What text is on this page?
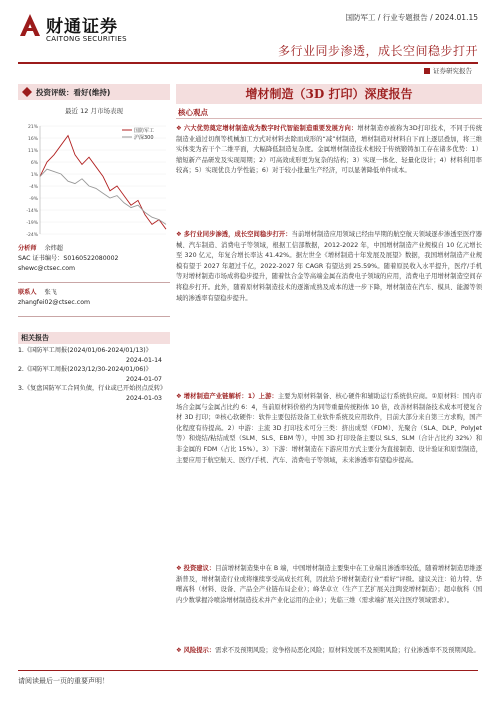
财通证券
CAITONG SECURITIES
国防军工 / 行业专题报告 / 2024.01.15
多行业同步渗透，成长空间稳步打开
证券研究报告
投资评级：看好(维持)
最近 12 月市场表现
21%
16%
11%
6%
1%
-4%
-9%
-14%
-19%
-24%
国防军工
沪深300
分析师 余炜超
SAC 证书编号：S0160522080002
shewc@ctsec.com
联系人 张飞
zhangfei02@ctsec.com
相关报告
1.《国防军工周报(2024/01/06-2024/01/13)》
2024-01-14
2.《国防军工周报(2023/12/30-2024/01/06)》
2024-01-07
3.《复盘国防军工合同负债，行业或已开始拐点反转》
2024-01-03
增材制造（3D 打印）深度报告
核心观点
❖ 六大优势奠定增材制造成为数字时代智能制造重要发展方向：增材制造亦被称为3D打印技术，不同于传统制造业通过切削等机械加工方式对材料去除而成形的“减”材制造，增材制造对材料自下而上逐层叠加，将三维实体变为若干个二维平面，大幅降低制造复杂度。金属增材制造技术相较于传统锻铸加工存在诸多优势：1）缩短新产品研发及实现周期；2）可高效成形更为复杂的结构；3）实现一体化、轻量化设计；4）材料利用率较高；5）实现优良力学性能；6）对于较小批量生产经济，可以显著降低单件成本。
❖ 多行业同步渗透，成长空间稳步打开：当前增材制造应用领域已经由早期的航空航天领域逐步渗透至医疗器械、汽车制造、消费电子等领域，根据工信部数据，2012-2022 年，中国增材制造产业规模自 10 亿元增长至 320 亿元，年复合增长率达 41.42%。据左世全《增材制造十年发展及展望》数据，我国增材制造产业规模有望于 2027 年超过千亿，2022-2027 年 CAGR 有望达到 25.59%。随着原民收入水平提升，医疗/手机等对增材制造市场成将稳步提升，随着钛合金等高端金属在消费电子领域的应用，消费电子用增材制造空间存将稳步打开。此外，随着原材料制造技术的逐渐成熟及成本的进一步下降，增材制造在汽车、模具、能源等领域的渗透率有望稳步提升。
❖ 增材制造产业链解析：1）上游：主要为原材料制备、核心硬件和辅助运行系统供应商。①原材料：国内市场合金属与金属占比约 6：4，当前原材料价格约为同等重量传统粉体 10 倍，改善材料制备技术成本可使复合材 3D 打印；②核心软硬件：软件主要包括设备工业软件系统及应用软件，目前大部分来自第三方求购，国产化程度有待提高。2）中游：主流 3D 打印技术可分三类：挤出成型（FDM）、光聚合（SLA、DLP、PolyJet 等）和烧结/粘结成型（SLM、SLS、EBM 等），中国 3D 打印设备主要以 SLS、SLM（合计占比约 32%）和非金属的 FDM（占比 15%）。3）下游：增材制造在下游应用方式主要分为直接制造、设计验证和原型制造，主要应用于航空航天、医疗/手机、汽车、消费电子等领域，未来渗透率有望稳步提高。
❖ 投资建议：目前增材制造集中在 B 端，中国增材制造主要集中在工业端且渗透率较低，随着增材制造思维逐渐普及，增材制造行业或将继续享受高成长红利，因此给予增材制造行业“看好”评级。建议关注：铂力特、华曙高科（材料、设备、产品全产业链布局企业）；峰华卓立（生产工艺扩展关注陶瓷增材制造）；超卓航科（国内少数掌握冷喷涂增材制造技术并产业化运用的企业）；先临三维（需求端扩展关注医疗领域需求）。
❖ 风险提示：需求不及预期风险；竞争格局恶化风险；原材料发展不及预期风险；行业渗透率不及预期风险。
请阅读最后一页的重要声明！
